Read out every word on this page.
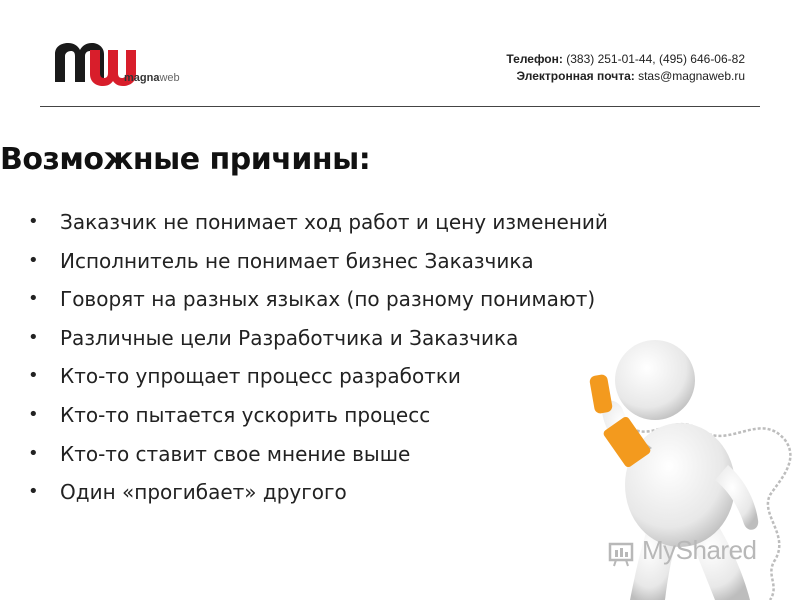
magnaweb
Телефон: (383) 251-01-44, (495) 646-06-82
Электронная почта: stas@magnaweb.ru
Возможные причины:
• Заказчик не понимает ход работ и цену изменений
• Исполнитель не понимает бизнес Заказчика
• Говорят на разных языках (по разному понимают)
• Различные цели Разработчика и Заказчика
• Кто-то упрощает процесс разработки
• Кто-то пытается ускорить процесс
• Кто-то ставит свое мнение выше
• Один «прогибает» другого
MyShared
